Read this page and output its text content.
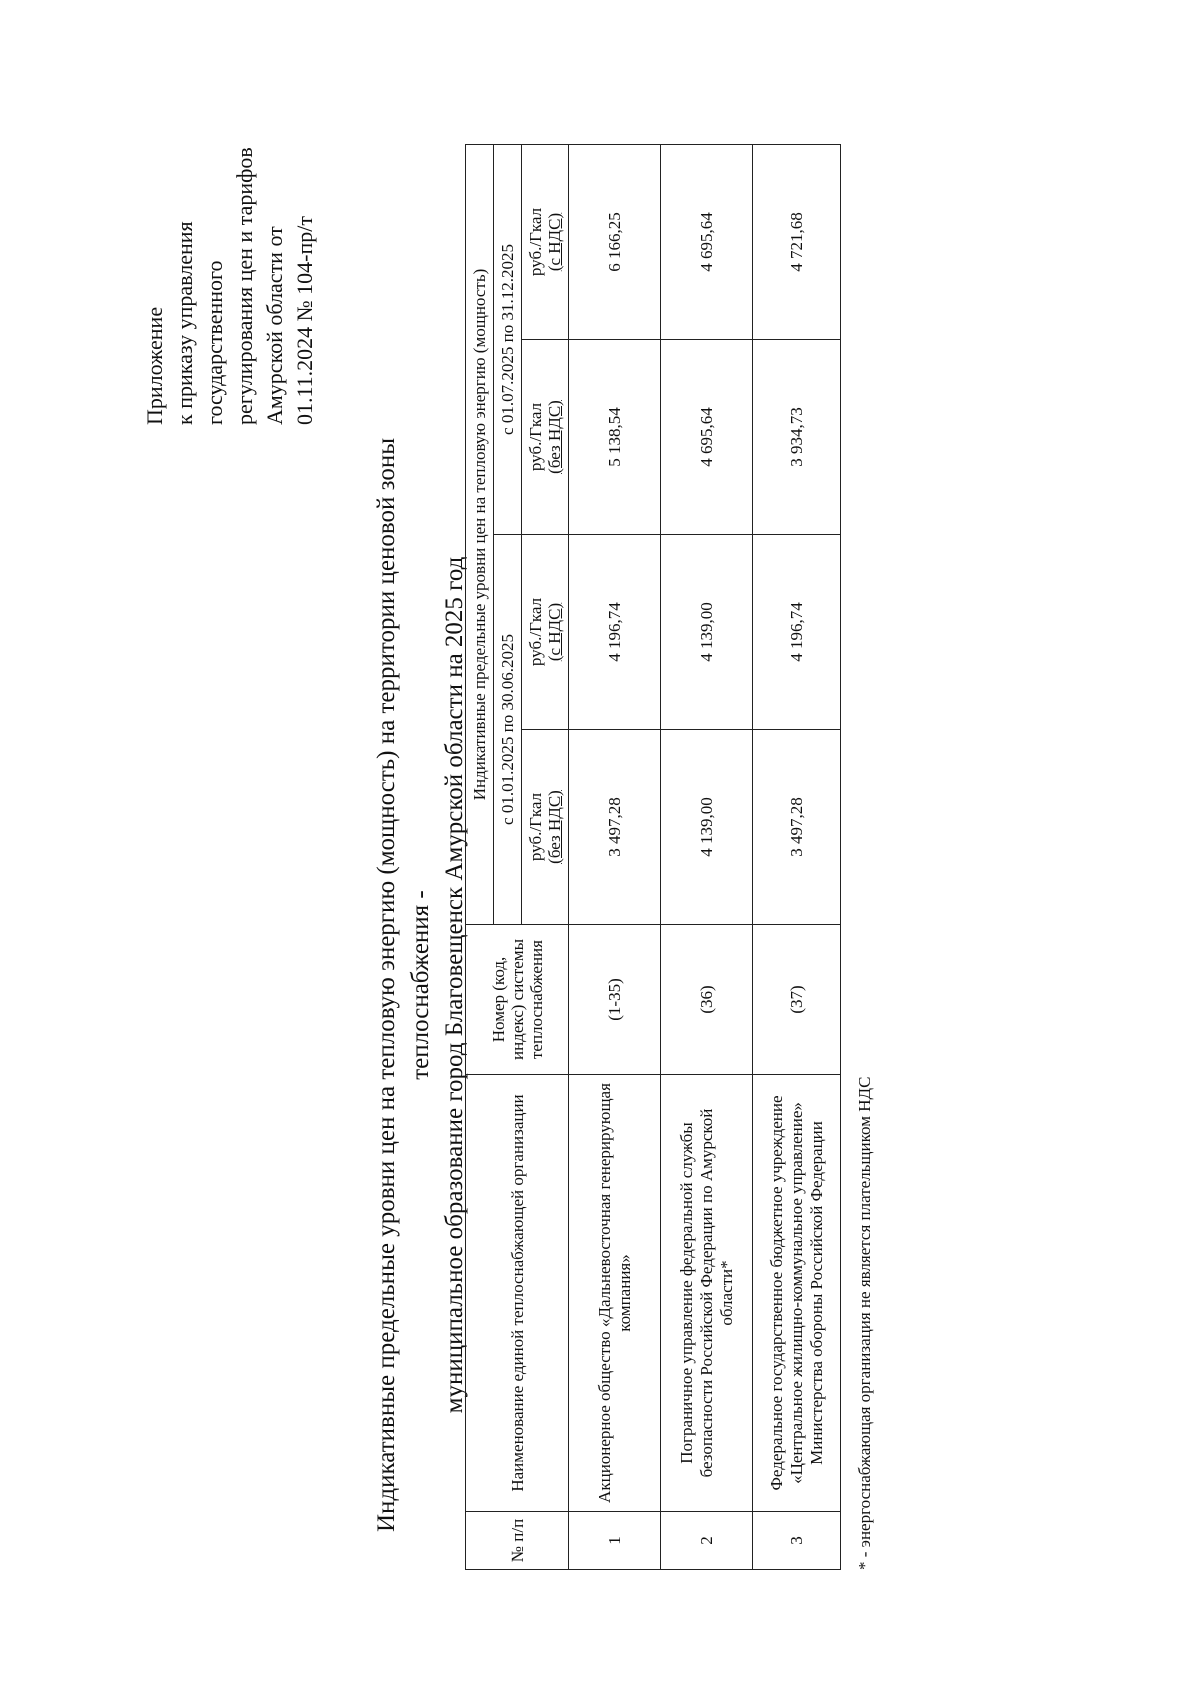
Приложение к приказу управления государственного регулирования цен и тарифов Амурской области от 01.11.2024 № 104-пр/т
Индикативные предельные уровни цен на тепловую энергию (мощность) на территории ценовой зоны теплоснабжения - муниципальное образование город Благовещенск Амурской области на 2025 год
№ п/п	Наименование единой теплоснабжающей организации	Номер (код, индекс) системы теплоснабжения	Индикативные предельные уровни цен на тепловую энергию (мощность)			
			с 01.01.2025 по 30.06.2025		с 01.07.2025 по 31.12.2025	

			руб./Гкал (без НДС)	руб./Гкал (с НДС)	руб./Гкал (без НДС)	руб./Гкал (с НДС)

1	Акционерное общество «Дальневосточная генерирующая компания»	(1-35)	3 497,28	4 196,74	5 138,54	6 166,25
2	Пограничное управление федеральной службы безопасности Российской Федерации по Амурской области*	(36)	4 139,00	4 139,00	4 695,64	4 695,64
3	Федеральное государственное бюджетное учреждение «Центральное жилищно-коммунальное управление» Министерства обороны Российской Федерации	(37)	3 497,28	4 196,74	3 934,73	4 721,68
* - энергоснабжающая организация не является плательщиком НДС
